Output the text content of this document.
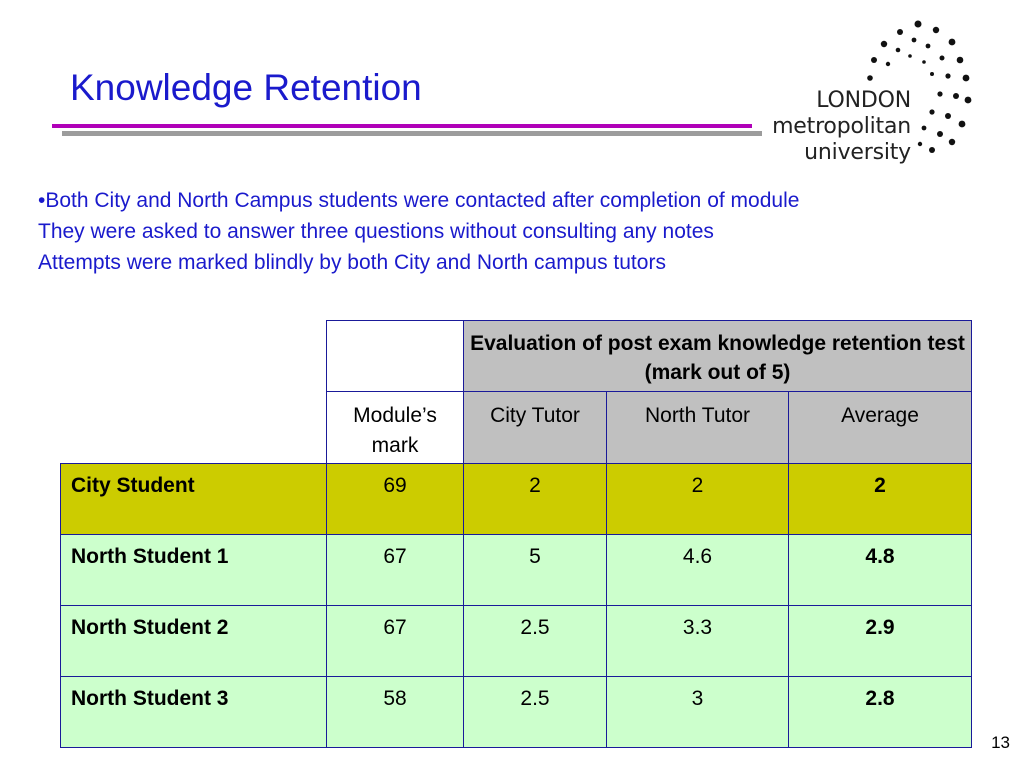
Knowledge Retention	LONDON
metropolitan
university
•Both City and North Campus students were contacted after completion of module
They were asked to answer three questions without consulting any notes
Attempts were marked blindly by both City and North campus tutors
		Evaluation of post exam knowledge retention test (mark out of 5)		
	Module’s mark	City Tutor	North Tutor	Average
City Student	69	2	2	2
North Student 1	67	5	4.6	4.8
North Student 2	67	2.5	3.3	2.9
North Student 3	58	2.5	3	2.8
13
